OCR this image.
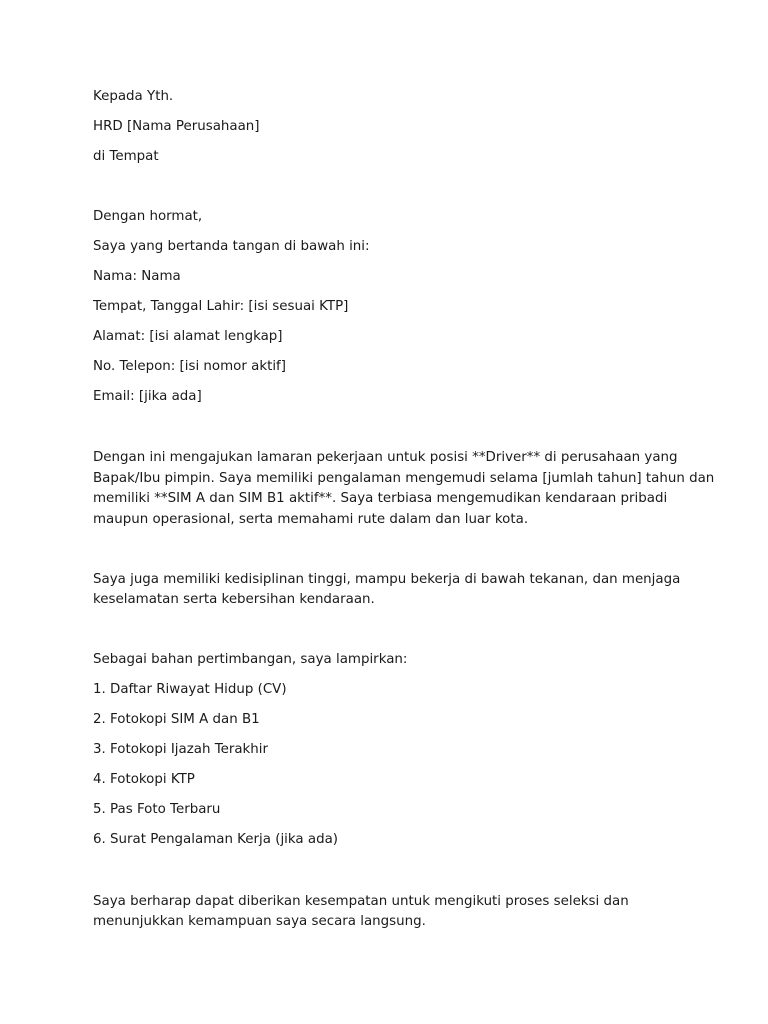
Kepada Yth.

HRD [Nama Perusahaan]

di Tempat

Dengan hormat,

Saya yang bertanda tangan di bawah ini:

Nama: Nama

Tempat, Tanggal Lahir: [isi sesuai KTP]

Alamat: [isi alamat lengkap]

No. Telepon: [isi nomor aktif]

Email: [jika ada]

Dengan ini mengajukan lamaran pekerjaan untuk posisi **Driver** di perusahaan yang

Bapak/Ibu pimpin. Saya memiliki pengalaman mengemudi selama [jumlah tahun] tahun dan

memiliki **SIM A dan SIM B1 aktif**. Saya terbiasa mengemudikan kendaraan pribadi

maupun operasional, serta memahami rute dalam dan luar kota.

Saya juga memiliki kedisiplinan tinggi, mampu bekerja di bawah tekanan, dan menjaga

keselamatan serta kebersihan kendaraan.

Sebagai bahan pertimbangan, saya lampirkan:

1. Daftar Riwayat Hidup (CV)

2. Fotokopi SIM A dan B1

3. Fotokopi Ijazah Terakhir

4. Fotokopi KTP

5. Pas Foto Terbaru

6. Surat Pengalaman Kerja (jika ada)

Saya berharap dapat diberikan kesempatan untuk mengikuti proses seleksi dan

menunjukkan kemampuan saya secara langsung.
